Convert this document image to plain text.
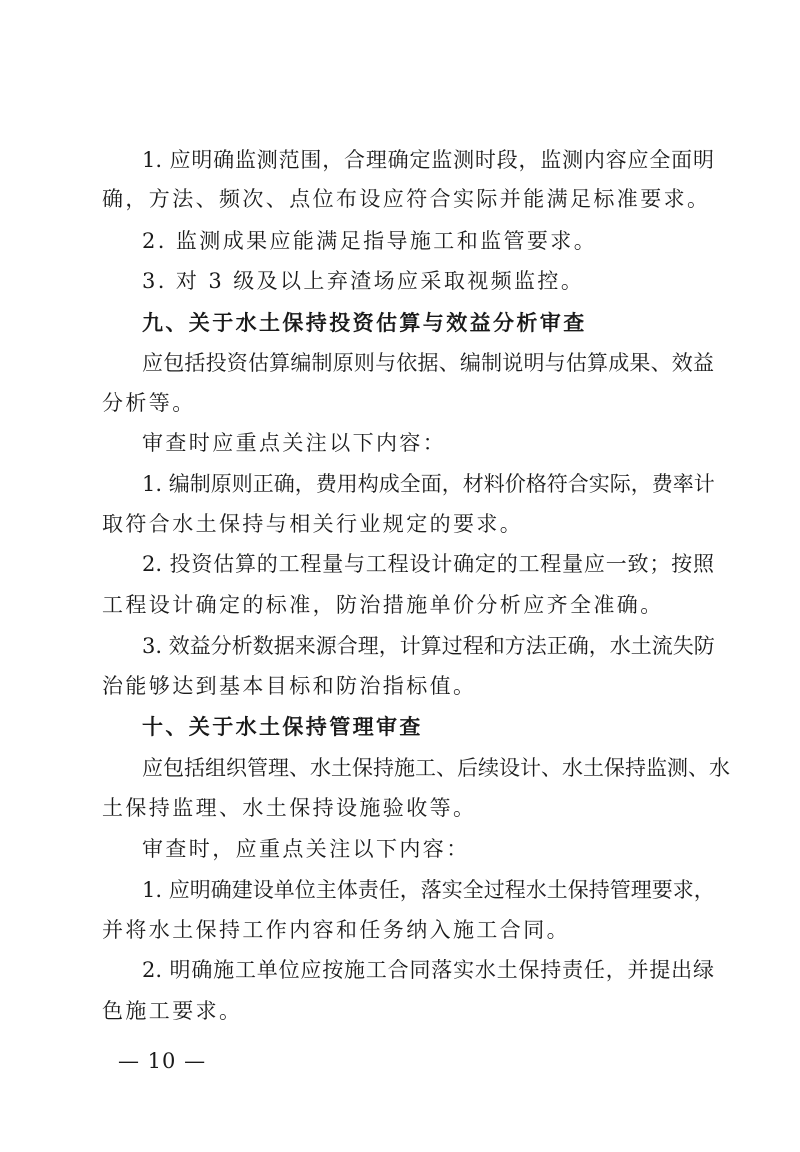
1. 应明确监测范围，合理确定监测时段，监测内容应全面明
确，方法、频次、点位布设应符合实际并能满足标准要求。
2. 监测成果应能满足指导施工和监管要求。
3. 对 3 级及以上弃渣场应采取视频监控。
九、关于水土保持投资估算与效益分析审查
应包括投资估算编制原则与依据、编制说明与估算成果、效益
分析等。
审查时应重点关注以下内容：
1. 编制原则正确，费用构成全面，材料价格符合实际，费率计
取符合水土保持与相关行业规定的要求。
2. 投资估算的工程量与工程设计确定的工程量应一致；按照
工程设计确定的标准，防治措施单价分析应齐全准确。
3. 效益分析数据来源合理，计算过程和方法正确，水土流失防
治能够达到基本目标和防治指标值。
十、关于水土保持管理审查
应包括组织管理、水土保持施工、后续设计、水土保持监测、水
土保持监理、水土保持设施验收等。
审查时，应重点关注以下内容：
1. 应明确建设单位主体责任，落实全过程水土保持管理要求，
并将水土保持工作内容和任务纳入施工合同。
2. 明确施工单位应按施工合同落实水土保持责任，并提出绿
色施工要求。
— 10 —
